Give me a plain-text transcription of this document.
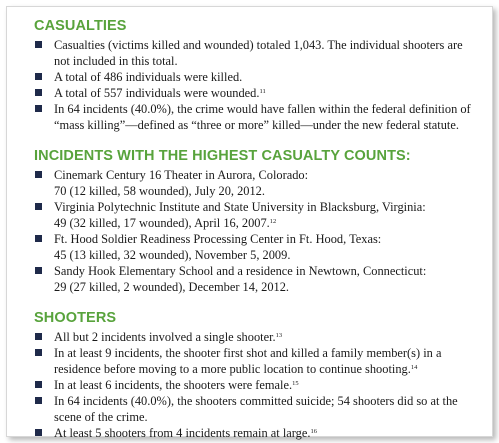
CASUALTIES
Casualties (victims killed and wounded) totaled 1,043. The individual shooters are not included in this total.
A total of 486 individuals were killed.
A total of 557 individuals were wounded.$^{11}$
In 64 incidents (40.0%), the crime would have fallen within the federal definition of “mass killing”—defined as “three or more” killed—under the new federal statute.
INCIDENTS WITH THE HIGHEST CASUALTY COUNTS:
Cinemark Century 16 Theater in Aurora, Colorado:
70 (12 killed, 58 wounded), July 20, 2012.
Virginia Polytechnic Institute and State University in Blacksburg, Virginia:
49 (32 killed, 17 wounded), April 16, 2007.12
Ft. Hood Soldier Readiness Processing Center in Ft. Hood, Texas:
45 (13 killed, 32 wounded), November 5, 2009.
Sandy Hook Elementary School and a residence in Newtown, Connecticut:
29 (27 killed, 2 wounded), December 14, 2012.
SHOOTERS
All but 2 incidents involved a single shooter.$^{13}$
In at least 9 incidents, the shooter first shot and killed a family member(s) in a residence before moving to a more public location to continue shooting.$^{14}$
In at least 6 incidents, the shooters were female.$^{15}$
In 64 incidents (40.0%), the shooters committed suicide; 54 shooters did so at the scene of the crime.
At least 5 shooters from 4 incidents remain at large.$^{16}$
